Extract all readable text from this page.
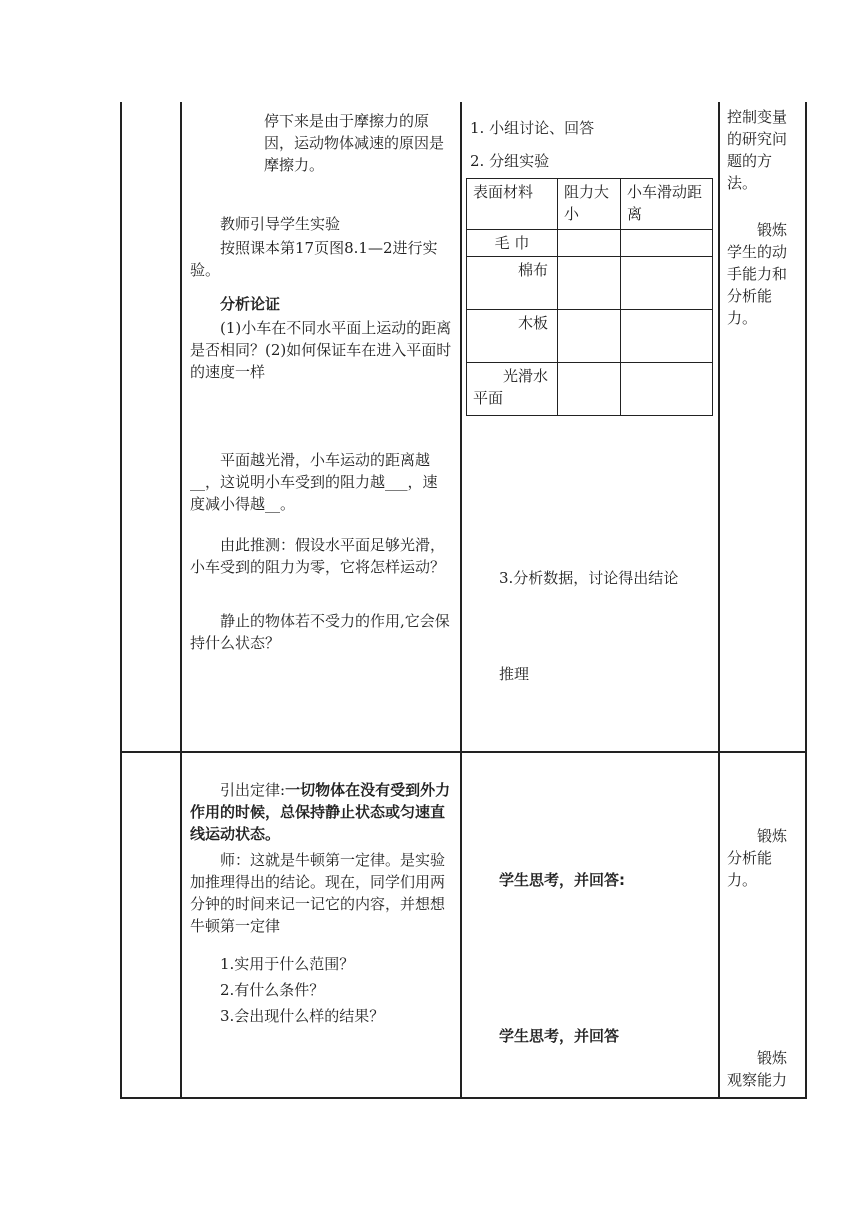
停下来是由于摩擦力的原因，运动物体减速的原因是摩擦力。
教师引导学生实验
按照课本第17页图8.1—2进行实验。
分析论证
(1)小车在不同水平面上运动的距离是否相同？(2)如何保证车在进入平面时的速度一样
平面越光滑，小车运动的距离越__，这说明小车受到的阻力越___，速度减小得越__。
由此推测：假设水平面足够光滑，小车受到的阻力为零，它将怎样运动？
静止的物体若不受力的作用,它会保持什么状态？
1. 小组讨论、回答
2. 分组实验
表面材料	阻力大小	小车滑动距离
毛 巾		
棉布		
木板		
光滑水平面		
3.分析数据，讨论得出结论
推理
控制变量的研究问题的方法。
锻炼学生的动手能力和分析能力。
引出定律:一切物体在没有受到外力作用的时候，总保持静止状态或匀速直线运动状态。
师：这就是牛顿第一定律。是实验加推理得出的结论。现在，同学们用两分钟的时间来记一记它的内容，并想想牛顿第一定律
1.实用于什么范围？
2.有什么条件？
3.会出现什么样的结果？
学生思考，并回答:
学生思考，并回答
锻炼分析能力。
锻炼观察能力
